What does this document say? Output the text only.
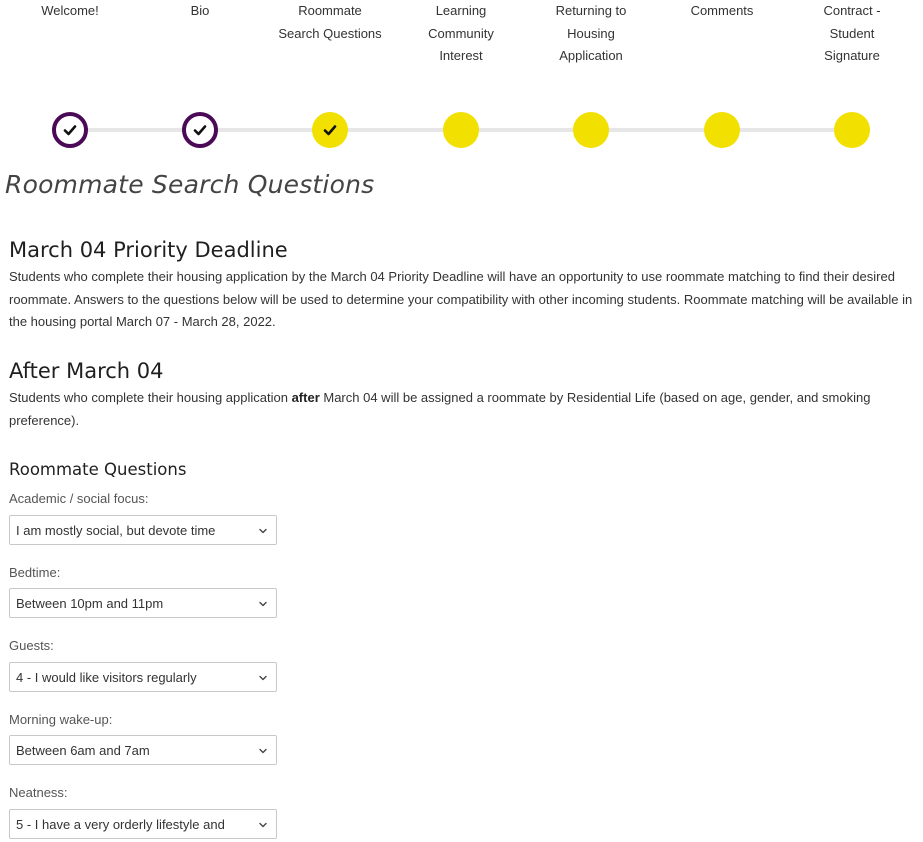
Welcome!	Bio	Roommate
Search Questions
Learning
Community
Interest
Returning to
Housing
Application
Comments	Contract -
Student
Signature
Roommate Search Questions
March 04 Priority Deadline

Students who complete their housing application by the March 04 Priority Deadline will have an opportunity to use roommate matching to find their desired roommate. Answers to the questions below will be used to determine your compatibility with other incoming students. Roommate matching will be available in the housing portal March 07 - March 28, 2022.

After March 04

Students who complete their housing application after March 04 will be assigned a roommate by Residential Life (based on age, gender, and smoking preference).

Roommate Questions
Academic / social focus:
I am mostly social, but devote time
Bedtime:
Between 10pm and 11pm
Guests:
4 - I would like visitors regularly
Morning wake-up:
Between 6am and 7am
Neatness:
5 - I have a very orderly lifestyle and
